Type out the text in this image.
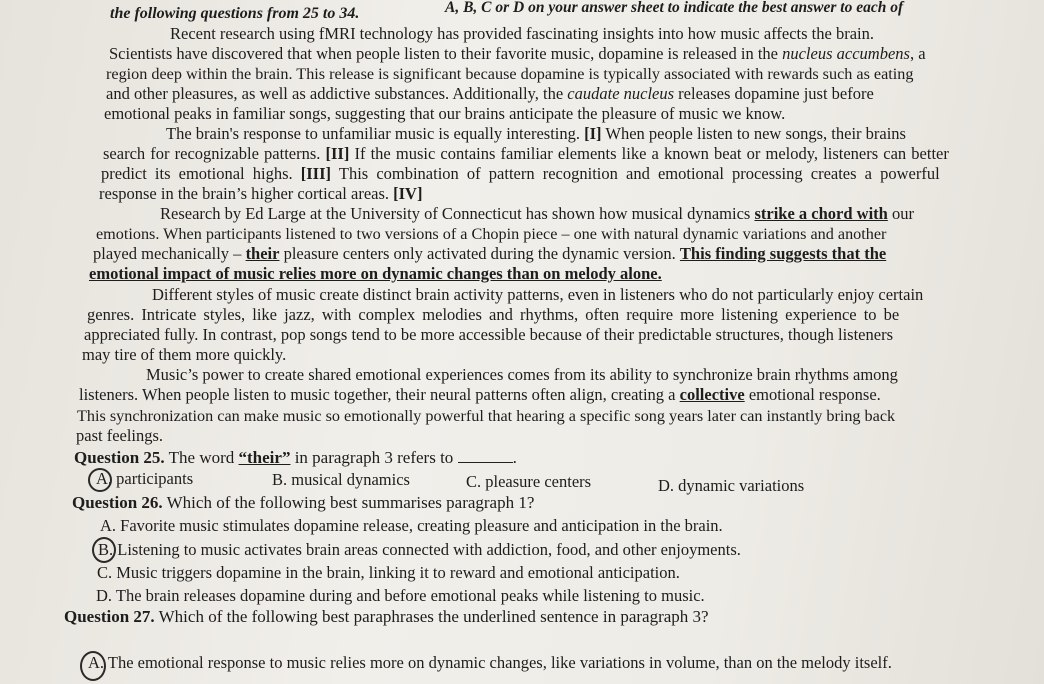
the following questions from 25 to 34.	A, B, C or D on your answer sheet to indicate the best answer to each of
Recent research using fMRI technology has provided fascinating insights into how music affects the brain.
Scientists have discovered that when people listen to their favorite music, dopamine is released in the nucleus accumbens, a
region deep within the brain. This release is significant because dopamine is typically associated with rewards such as eating
and other pleasures, as well as addictive substances. Additionally, the caudate nucleus releases dopamine just before
emotional peaks in familiar songs, suggesting that our brains anticipate the pleasure of music we know.
The brain's response to unfamiliar music is equally interesting. [I] When people listen to new songs, their brains
search for recognizable patterns. [II] If the music contains familiar elements like a known beat or melody, listeners can better
predict its emotional highs. [III] This combination of pattern recognition and emotional processing creates a powerful
response in the brain’s higher cortical areas. [IV]
Research by Ed Large at the University of Connecticut has shown how musical dynamics strike a chord with our
emotions. When participants listened to two versions of a Chopin piece – one with natural dynamic variations and another
played mechanically – their pleasure centers only activated during the dynamic version. This finding suggests that the
emotional impact of music relies more on dynamic changes than on melody alone.
Different styles of music create distinct brain activity patterns, even in listeners who do not particularly enjoy certain
genres. Intricate styles, like jazz, with complex melodies and rhythms, often require more listening experience to be
appreciated fully. In contrast, pop songs tend to be more accessible because of their predictable structures, though listeners
may tire of them more quickly.
Music’s power to create shared emotional experiences comes from its ability to synchronize brain rhythms among
listeners. When people listen to music together, their neural patterns often align, creating a collective emotional response.
This synchronization can make music so emotionally powerful that hearing a specific song years later can instantly bring back
past feelings.
Question 25. The word “their” in paragraph 3 refers to	.
A. participants	B. musical dynamics	C. pleasure centers	D. dynamic variations
Question 26. Which of the following best summarises paragraph 1?
A. Favorite music stimulates dopamine release, creating pleasure and anticipation in the brain.
B. Listening to music activates brain areas connected with addiction, food, and other enjoyments.
C. Music triggers dopamine in the brain, linking it to reward and emotional anticipation.
D. The brain releases dopamine during and before emotional peaks while listening to music.
Question 27. Which of the following best paraphrases the underlined sentence in paragraph 3?
A. The emotional response to music relies more on dynamic changes, like variations in volume, than on the melody itself.
